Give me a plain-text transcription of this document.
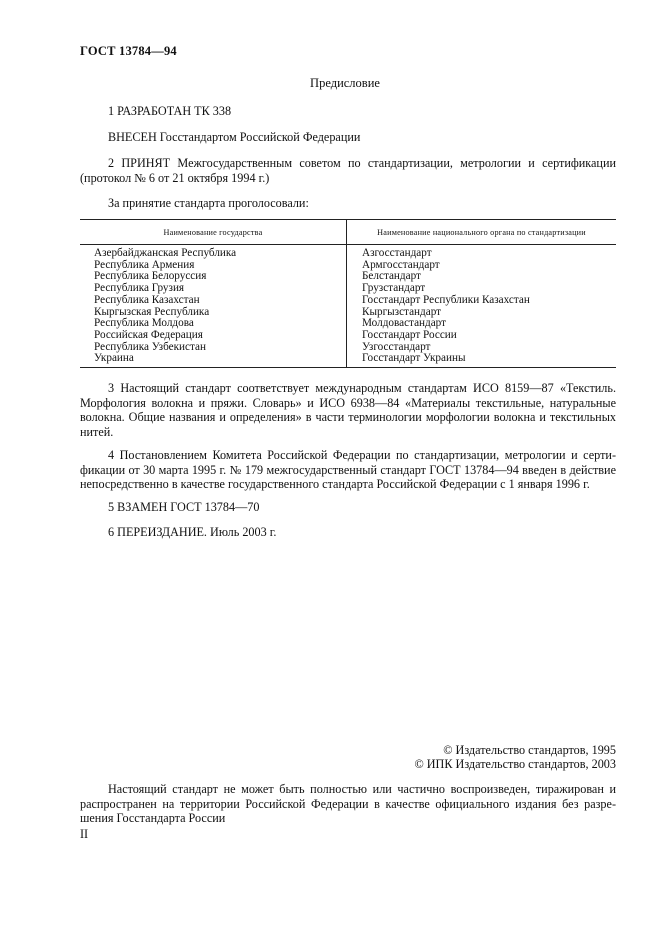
ГОСТ 13784—94
Предисловие
1 РАЗРАБОТАН ТК 338
ВНЕСЕН Госстандартом Российской Федерации
2 ПРИНЯТ Межгосударственным советом по стандартизации, метрологии и сертификации (протокол № 6 от 21 октября 1994 г.)
За принятие стандарта проголосовали:
Наименование государства	Наименование национального органа по стандартизации
Азербайджанская Республика	Азгосстандарт
Республика Армения	Армгосстандарт
Республика Белоруссия	Белстандарт
Республика Грузия	Грузстандарт
Республика Казахстан	Госстандарт Республики Казахстан
Кыргызская Республика	Кыргызстандарт
Республика Молдова	Молдовастандарт
Российская Федерация	Госстандарт России
Республика Узбекистан	Узгосстандарт
Украина	Госстандарт Украины
3 Настоящий стандарт соответствует международным стандартам ИСО 8159—87 «Текстиль. Морфология волокна и пряжи. Словарь» и ИСО 6938—84 «Материалы текстильные, натуральные волокна. Общие названия и определения» в части терминологии морфологии волокна и текстильных нитей.
4 Постановлением Комитета Российской Федерации по стандартизации, метрологии и сертификации от 30 марта 1995 г. № 179 межгосударственный стандарт ГОСТ 13784—94 введен в действие непосредственно в качестве государственного стандарта Российской Федерации с 1 января 1996 г.
5 ВЗАМЕН ГОСТ 13784—70
6 ПЕРЕИЗДАНИЕ. Июль 2003 г.
© Издательство стандартов, 1995
© ИПК Издательство стандартов, 2003
Настоящий стандарт не может быть полностью или частично воспроизведен, тиражирован и распространен на территории Российской Федерации в качестве официального издания без разрешения Госстандарта России
II
